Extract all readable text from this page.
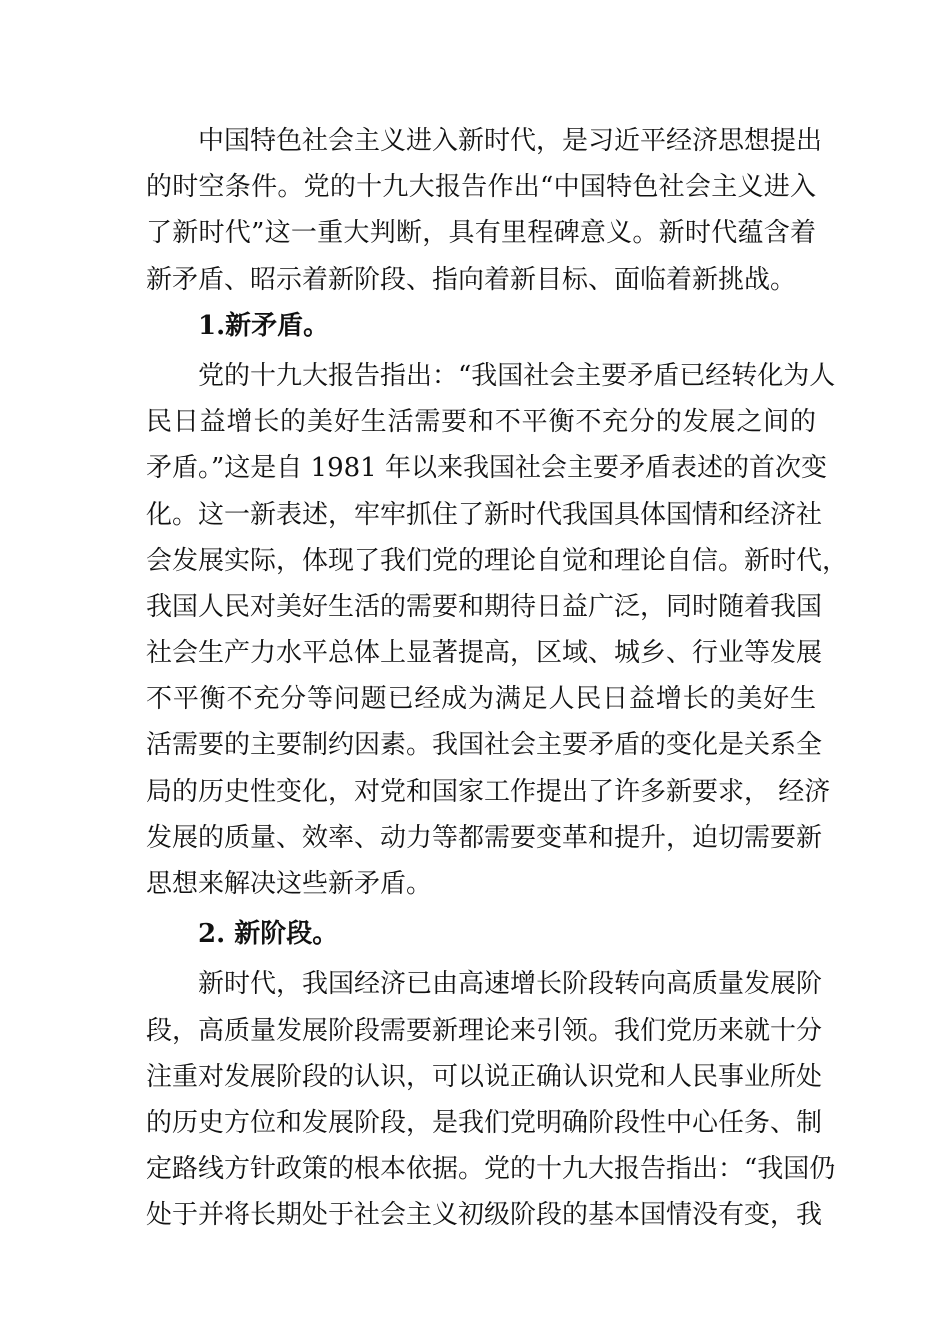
中国特色社会主义进入新时代，是习近平经济思想提出
的时空条件。党的十九大报告作出“中国特色社会主义进入
了新时代”这一重大判断，具有里程碑意义。新时代蕴含着
新矛盾、昭示着新阶段、指向着新目标、面临着新挑战。
1.新矛盾。
党的十九大报告指出：“我国社会主要矛盾已经转化为人
民日益增长的美好生活需要和不平衡不充分的发展之间的
矛盾。”这是自 1981 年以来我国社会主要矛盾表述的首次变
化。这一新表述，牢牢抓住了新时代我国具体国情和经济社
会发展实际，体现了我们党的理论自觉和理论自信。新时代，
我国人民对美好生活的需要和期待日益广泛，同时随着我国
社会生产力水平总体上显著提高，区域、城乡、行业等发展
不平衡不充分等问题已经成为满足人民日益增长的美好生
活需要的主要制约因素。我国社会主要矛盾的变化是关系全
局的历史性变化，对党和国家工作提出了许多新要求， 经济
发展的质量、效率、动力等都需要变革和提升，迫切需要新
思想来解决这些新矛盾。
2. 新阶段。
新时代，我国经济已由高速增长阶段转向高质量发展阶
段，高质量发展阶段需要新理论来引领。我们党历来就十分
注重对发展阶段的认识，可以说正确认识党和人民事业所处
的历史方位和发展阶段，是我们党明确阶段性中心任务、制
定路线方针政策的根本依据。党的十九大报告指出：“我国仍
处于并将长期处于社会主义初级阶段的基本国情没有变，我
